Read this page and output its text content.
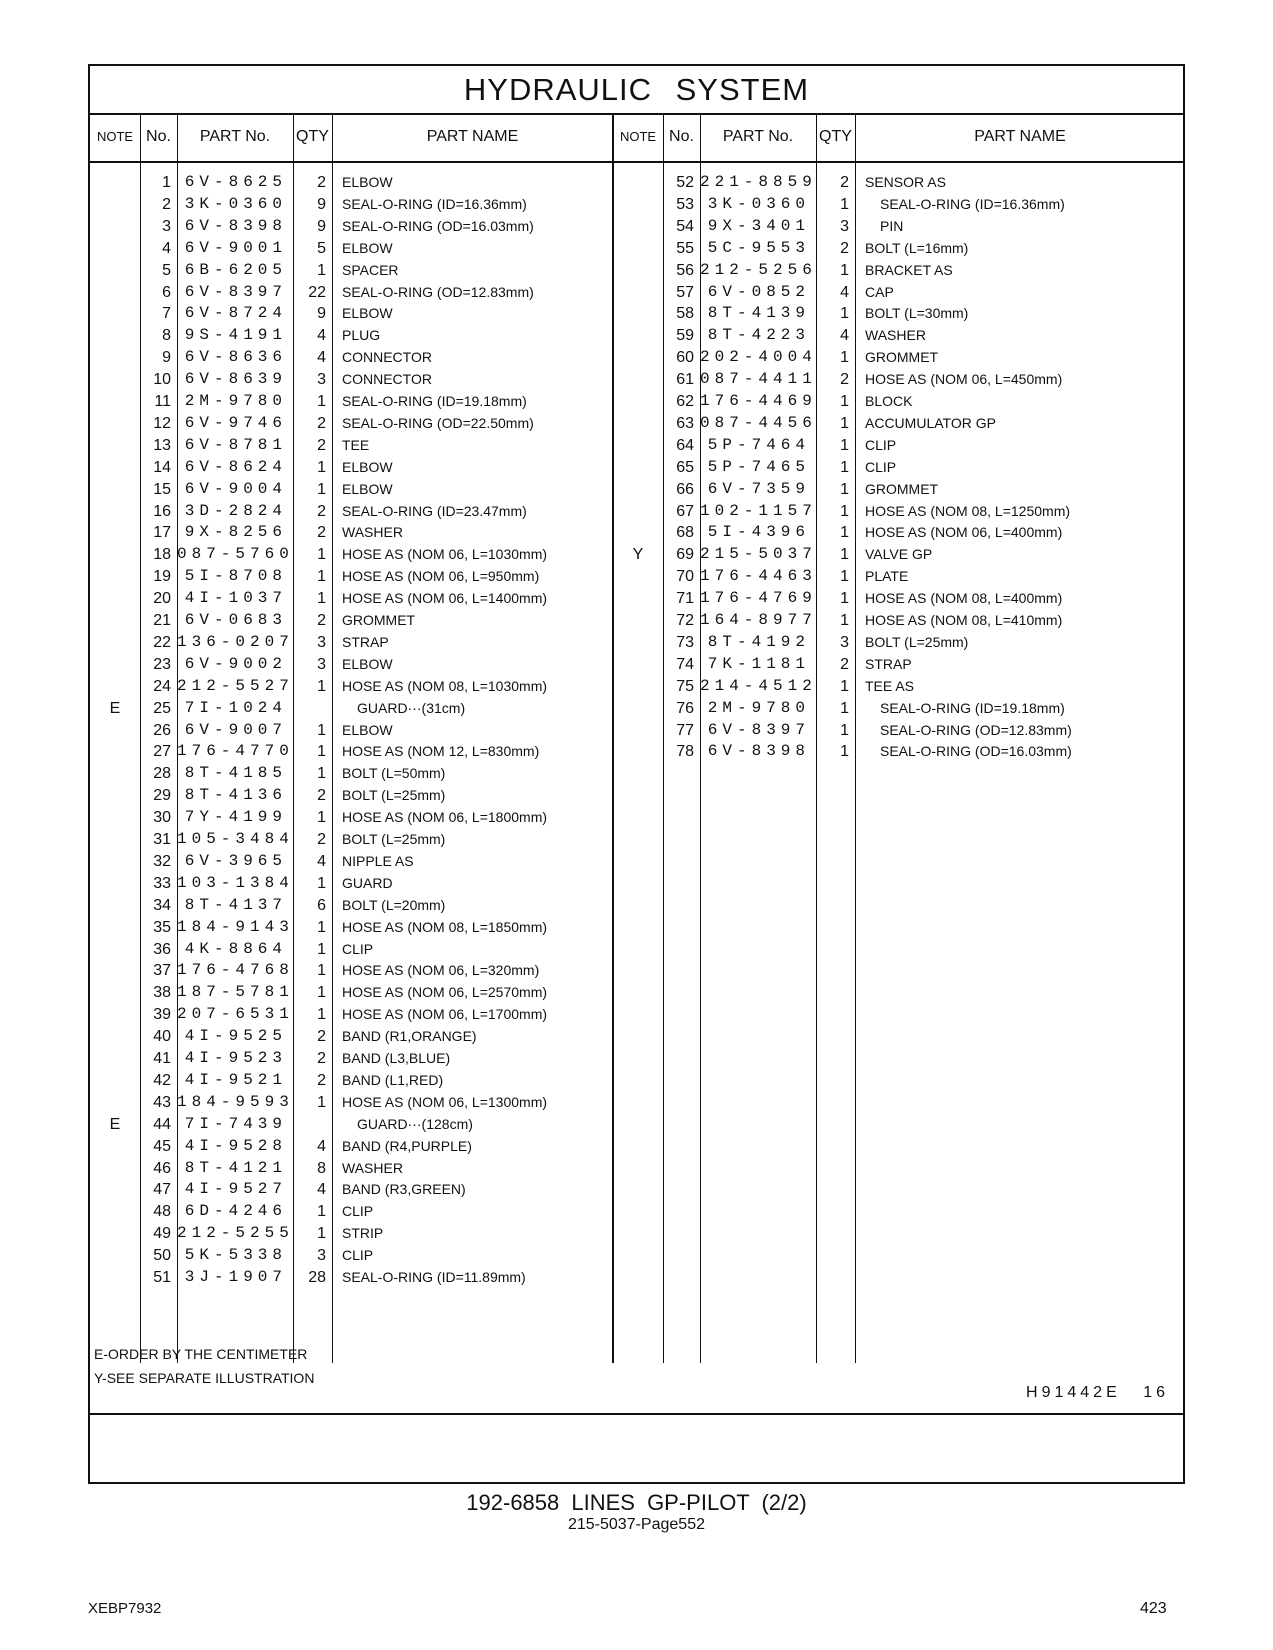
HYDRAULIC SYSTEM
NOTE No.	PART No.	QTY	PART NAME	NOTE No.	PART No.	QTY	PART NAME
1 6V-8625	2 ELBOW
2 3K-0360	9 SEAL-O-RING (ID=16.36mm)
3 6V-8398	9 SEAL-O-RING (OD=16.03mm)
4 6V-9001	5 ELBOW
5 6B-6205	1 SPACER
6 6V-8397	22 SEAL-O-RING (OD=12.83mm)
7 6V-8724	9 ELBOW
8 9S-4191	4 PLUG
9 6V-8636	4 CONNECTOR
10 6V-8639	3 CONNECTOR
11 2M-9780	1 SEAL-O-RING (ID=19.18mm)
12 6V-9746	2 SEAL-O-RING (OD=22.50mm)
13 6V-8781	2 TEE
14 6V-8624	1 ELBOW
15 6V-9004	1 ELBOW
16 3D-2824	2 SEAL-O-RING (ID=23.47mm)
17 9X-8256	2 WASHER
18 087-5760	1 HOSE AS (NOM 06, L=1030mm)
19 5I-8708	1 HOSE AS (NOM 06, L=950mm)
20 4I-1037	1 HOSE AS (NOM 06, L=1400mm)
21 6V-0683	2 GROMMET
22 136-0207	3 STRAP
23 6V-9002	3 ELBOW
24 212-5527	1 HOSE AS (NOM 08, L=1030mm)
E	25 7I-1024	GUARD···(31cm)
26 6V-9007	1 ELBOW
27 176-4770	1 HOSE AS (NOM 12, L=830mm)
28 8T-4185	1 BOLT (L=50mm)
29 8T-4136	2 BOLT (L=25mm)
30 7Y-4199	1 HOSE AS (NOM 06, L=1800mm)
31 105-3484	2 BOLT (L=25mm)
32 6V-3965	4 NIPPLE AS
33 103-1384	1 GUARD
34 8T-4137	6 BOLT (L=20mm)
35 184-9143	1 HOSE AS (NOM 08, L=1850mm)
36 4K-8864	1 CLIP
37 176-4768	1 HOSE AS (NOM 06, L=320mm)
38 187-5781	1 HOSE AS (NOM 06, L=2570mm)
39 207-6531	1 HOSE AS (NOM 06, L=1700mm)
40 4I-9525	2 BAND (R1,ORANGE)
41 4I-9523	2 BAND (L3,BLUE)
42 4I-9521	2 BAND (L1,RED)
43 184-9593	1 HOSE AS (NOM 06, L=1300mm)
E	44 7I-7439	GUARD···(128cm)
45 4I-9528	4 BAND (R4,PURPLE)
46 8T-4121	8 WASHER
47 4I-9527	4 BAND (R3,GREEN)
48 6D-4246	1 CLIP
49 212-5255	1 STRIP
50 5K-5338	3 CLIP
51 3J-1907	28 SEAL-O-RING (ID=11.89mm)
52 221-8859	2 SENSOR AS
53 3K-0360	1	SEAL-O-RING (ID=16.36mm)
54 9X-3401	3	PIN
55 5C-9553	2 BOLT (L=16mm)
56 212-5256	1 BRACKET AS
57 6V-0852	4 CAP
58 8T-4139	1 BOLT (L=30mm)
59 8T-4223	4 WASHER
60 202-4004	1 GROMMET
61 087-4411	2 HOSE AS (NOM 06, L=450mm)
62 176-4469	1 BLOCK
63 087-4456	1 ACCUMULATOR GP
64 5P-7464	1 CLIP
65 5P-7465	1 CLIP
66 6V-7359	1 GROMMET
67 102-1157	1 HOSE AS (NOM 08, L=1250mm)
68 5I-4396	1 HOSE AS (NOM 06, L=400mm)
Y	69 215-5037	1 VALVE GP
70 176-4463	1 PLATE
71 176-4769	1 HOSE AS (NOM 08, L=400mm)
72 164-8977	1 HOSE AS (NOM 08, L=410mm)
73 8T-4192	3 BOLT (L=25mm)
74 7K-1181	2 STRAP
75 214-4512	1 TEE AS
76 2M-9780	1	SEAL-O-RING (ID=19.18mm)
77 6V-8397	1	SEAL-O-RING (OD=12.83mm)
78 6V-8398	1	SEAL-O-RING (OD=16.03mm)
E-ORDER BY THE CENTIMETER
Y-SEE SEPARATE ILLUSTRATION
H91442E 16
192-6858 LINES GP-PILOT (2/2)
215-5037-Page552
XEBP7932	423
